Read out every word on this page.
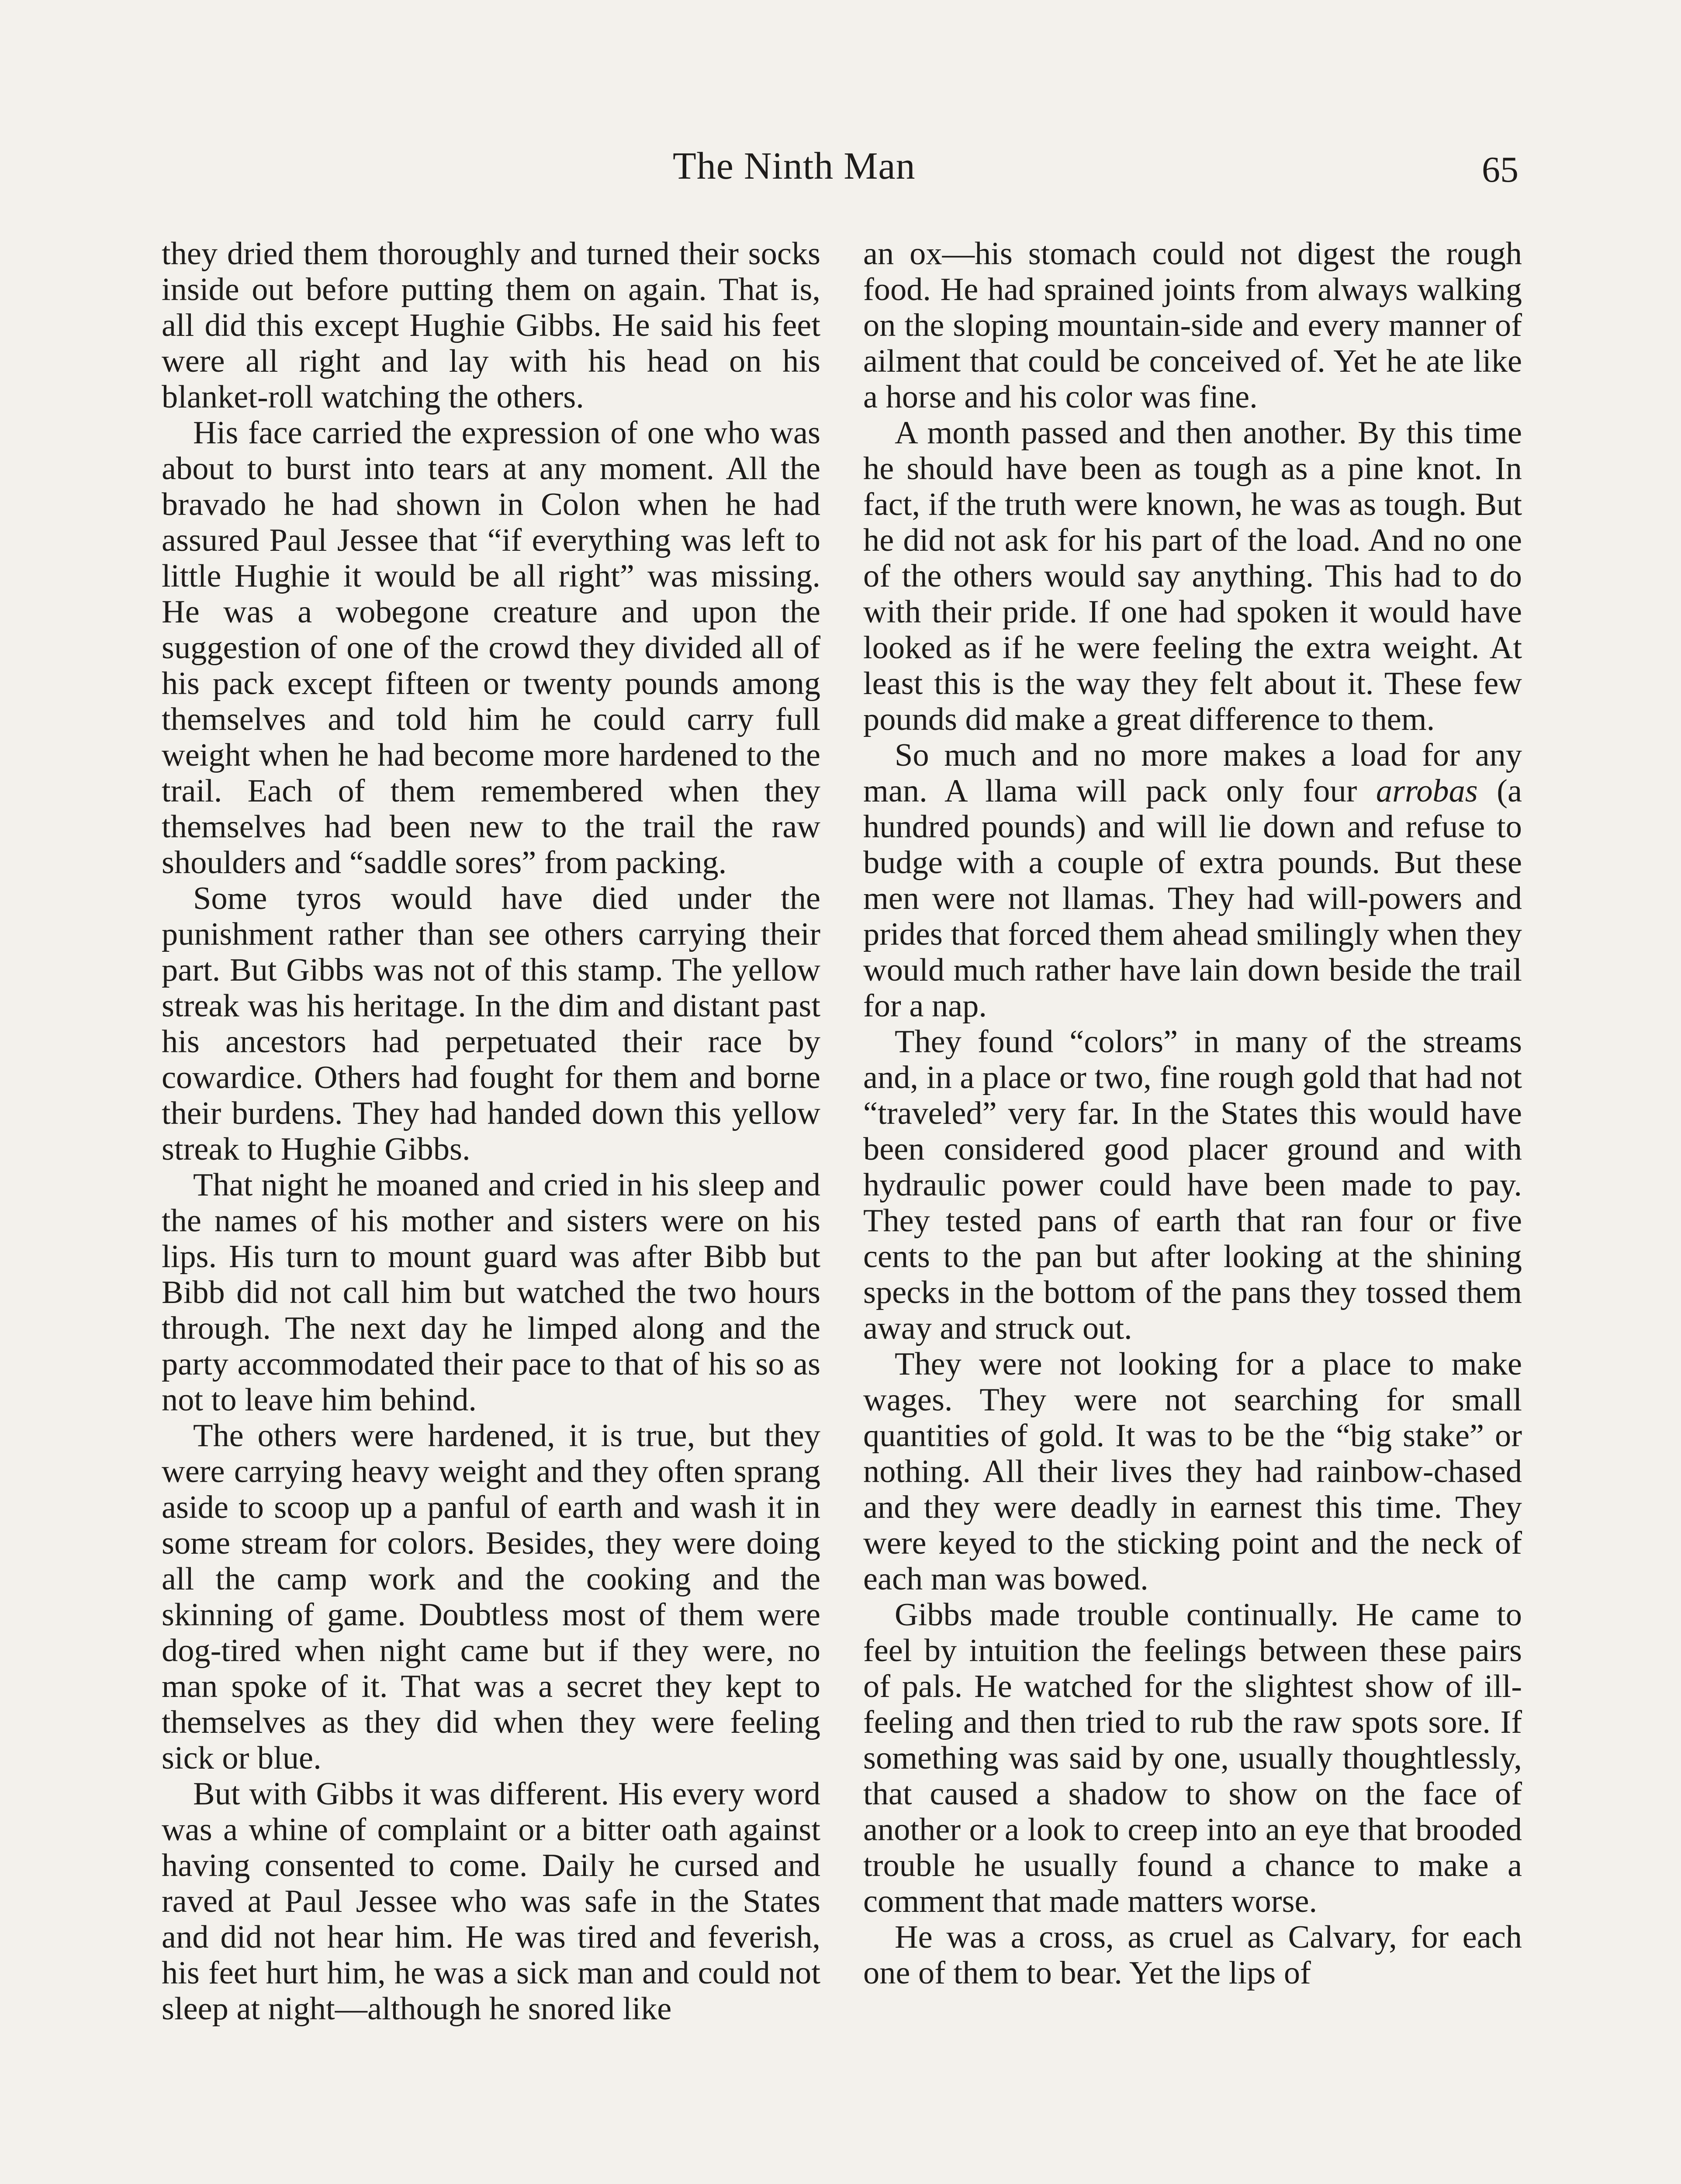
The Ninth Man	65

they dried them thoroughly and turned their socks inside out before putting them on again. That is, all did this except Hughie Gibbs. He said his feet were all right and lay with his head on his blanket-roll watching the others.

His face carried the expression of one who was about to burst into tears at any moment. All the bravado he had shown in Colon when he had assured Paul Jessee that “if everything was left to little Hughie it would be all right” was missing. He was a wobegone creature and upon the suggestion of one of the crowd they divided all of his pack except fifteen or twenty pounds among themselves and told him he could carry full weight when he had become more hardened to the trail. Each of them remembered when they themselves had been new to the trail the raw shoulders and “saddle sores” from packing.

Some tyros would have died under the punishment rather than see others carrying their part. But Gibbs was not of this stamp. The yellow streak was his heritage. In the dim and distant past his ancestors had perpetuated their race by cowardice. Others had fought for them and borne their burdens. They had handed down this yellow streak to Hughie Gibbs.

That night he moaned and cried in his sleep and the names of his mother and sisters were on his lips. His turn to mount guard was after Bibb but Bibb did not call him but watched the two hours through. The next day he limped along and the party accommodated their pace to that of his so as not to leave him behind.

The others were hardened, it is true, but they were carrying heavy weight and they often sprang aside to scoop up a panful of earth and wash it in some stream for colors. Besides, they were doing all the camp work and the cooking and the skinning of game. Doubtless most of them were dog-tired when night came but if they were, no man spoke of it. That was a secret they kept to themselves as they did when they were feeling sick or blue.

But with Gibbs it was different. His every word was a whine of complaint or a bitter oath against having consented to come. Daily he cursed and raved at Paul Jessee who was safe in the States and did not hear him. He was tired and feverish, his feet hurt him, he was a sick man and could not sleep at night—although he snored like

an ox—his stomach could not digest the rough food. He had sprained joints from always walking on the sloping mountain-side and every manner of ailment that could be conceived of. Yet he ate like a horse and his color was fine.

A month passed and then another. By this time he should have been as tough as a pine knot. In fact, if the truth were known, he was as tough. But he did not ask for his part of the load. And no one of the others would say anything. This had to do with their pride. If one had spoken it would have looked as if he were feeling the extra weight. At least this is the way they felt about it. These few pounds did make a great difference to them.

So much and no more makes a load for any man. A llama will pack only four arrobas (a hundred pounds) and will lie down and refuse to budge with a couple of extra pounds. But these men were not llamas. They had will-powers and prides that forced them ahead smilingly when they would much rather have lain down beside the trail for a nap.

They found “colors” in many of the streams and, in a place or two, fine rough gold that had not “traveled” very far. In the States this would have been considered good placer ground and with hydraulic power could have been made to pay. They tested pans of earth that ran four or five cents to the pan but after looking at the shining specks in the bottom of the pans they tossed them away and struck out.

They were not looking for a place to make wages. They were not searching for small quantities of gold. It was to be the “big stake” or nothing. All their lives they had rainbow-chased and they were deadly in earnest this time. They were keyed to the sticking point and the neck of each man was bowed.

Gibbs made trouble continually. He came to feel by intuition the feelings between these pairs of pals. He watched for the slightest show of ill-feeling and then tried to rub the raw spots sore. If something was said by one, usually thoughtlessly, that caused a shadow to show on the face of another or a look to creep into an eye that brooded trouble he usually found a chance to make a comment that made matters worse.

He was a cross, as cruel as Calvary, for each one of them to bear. Yet the lips of
